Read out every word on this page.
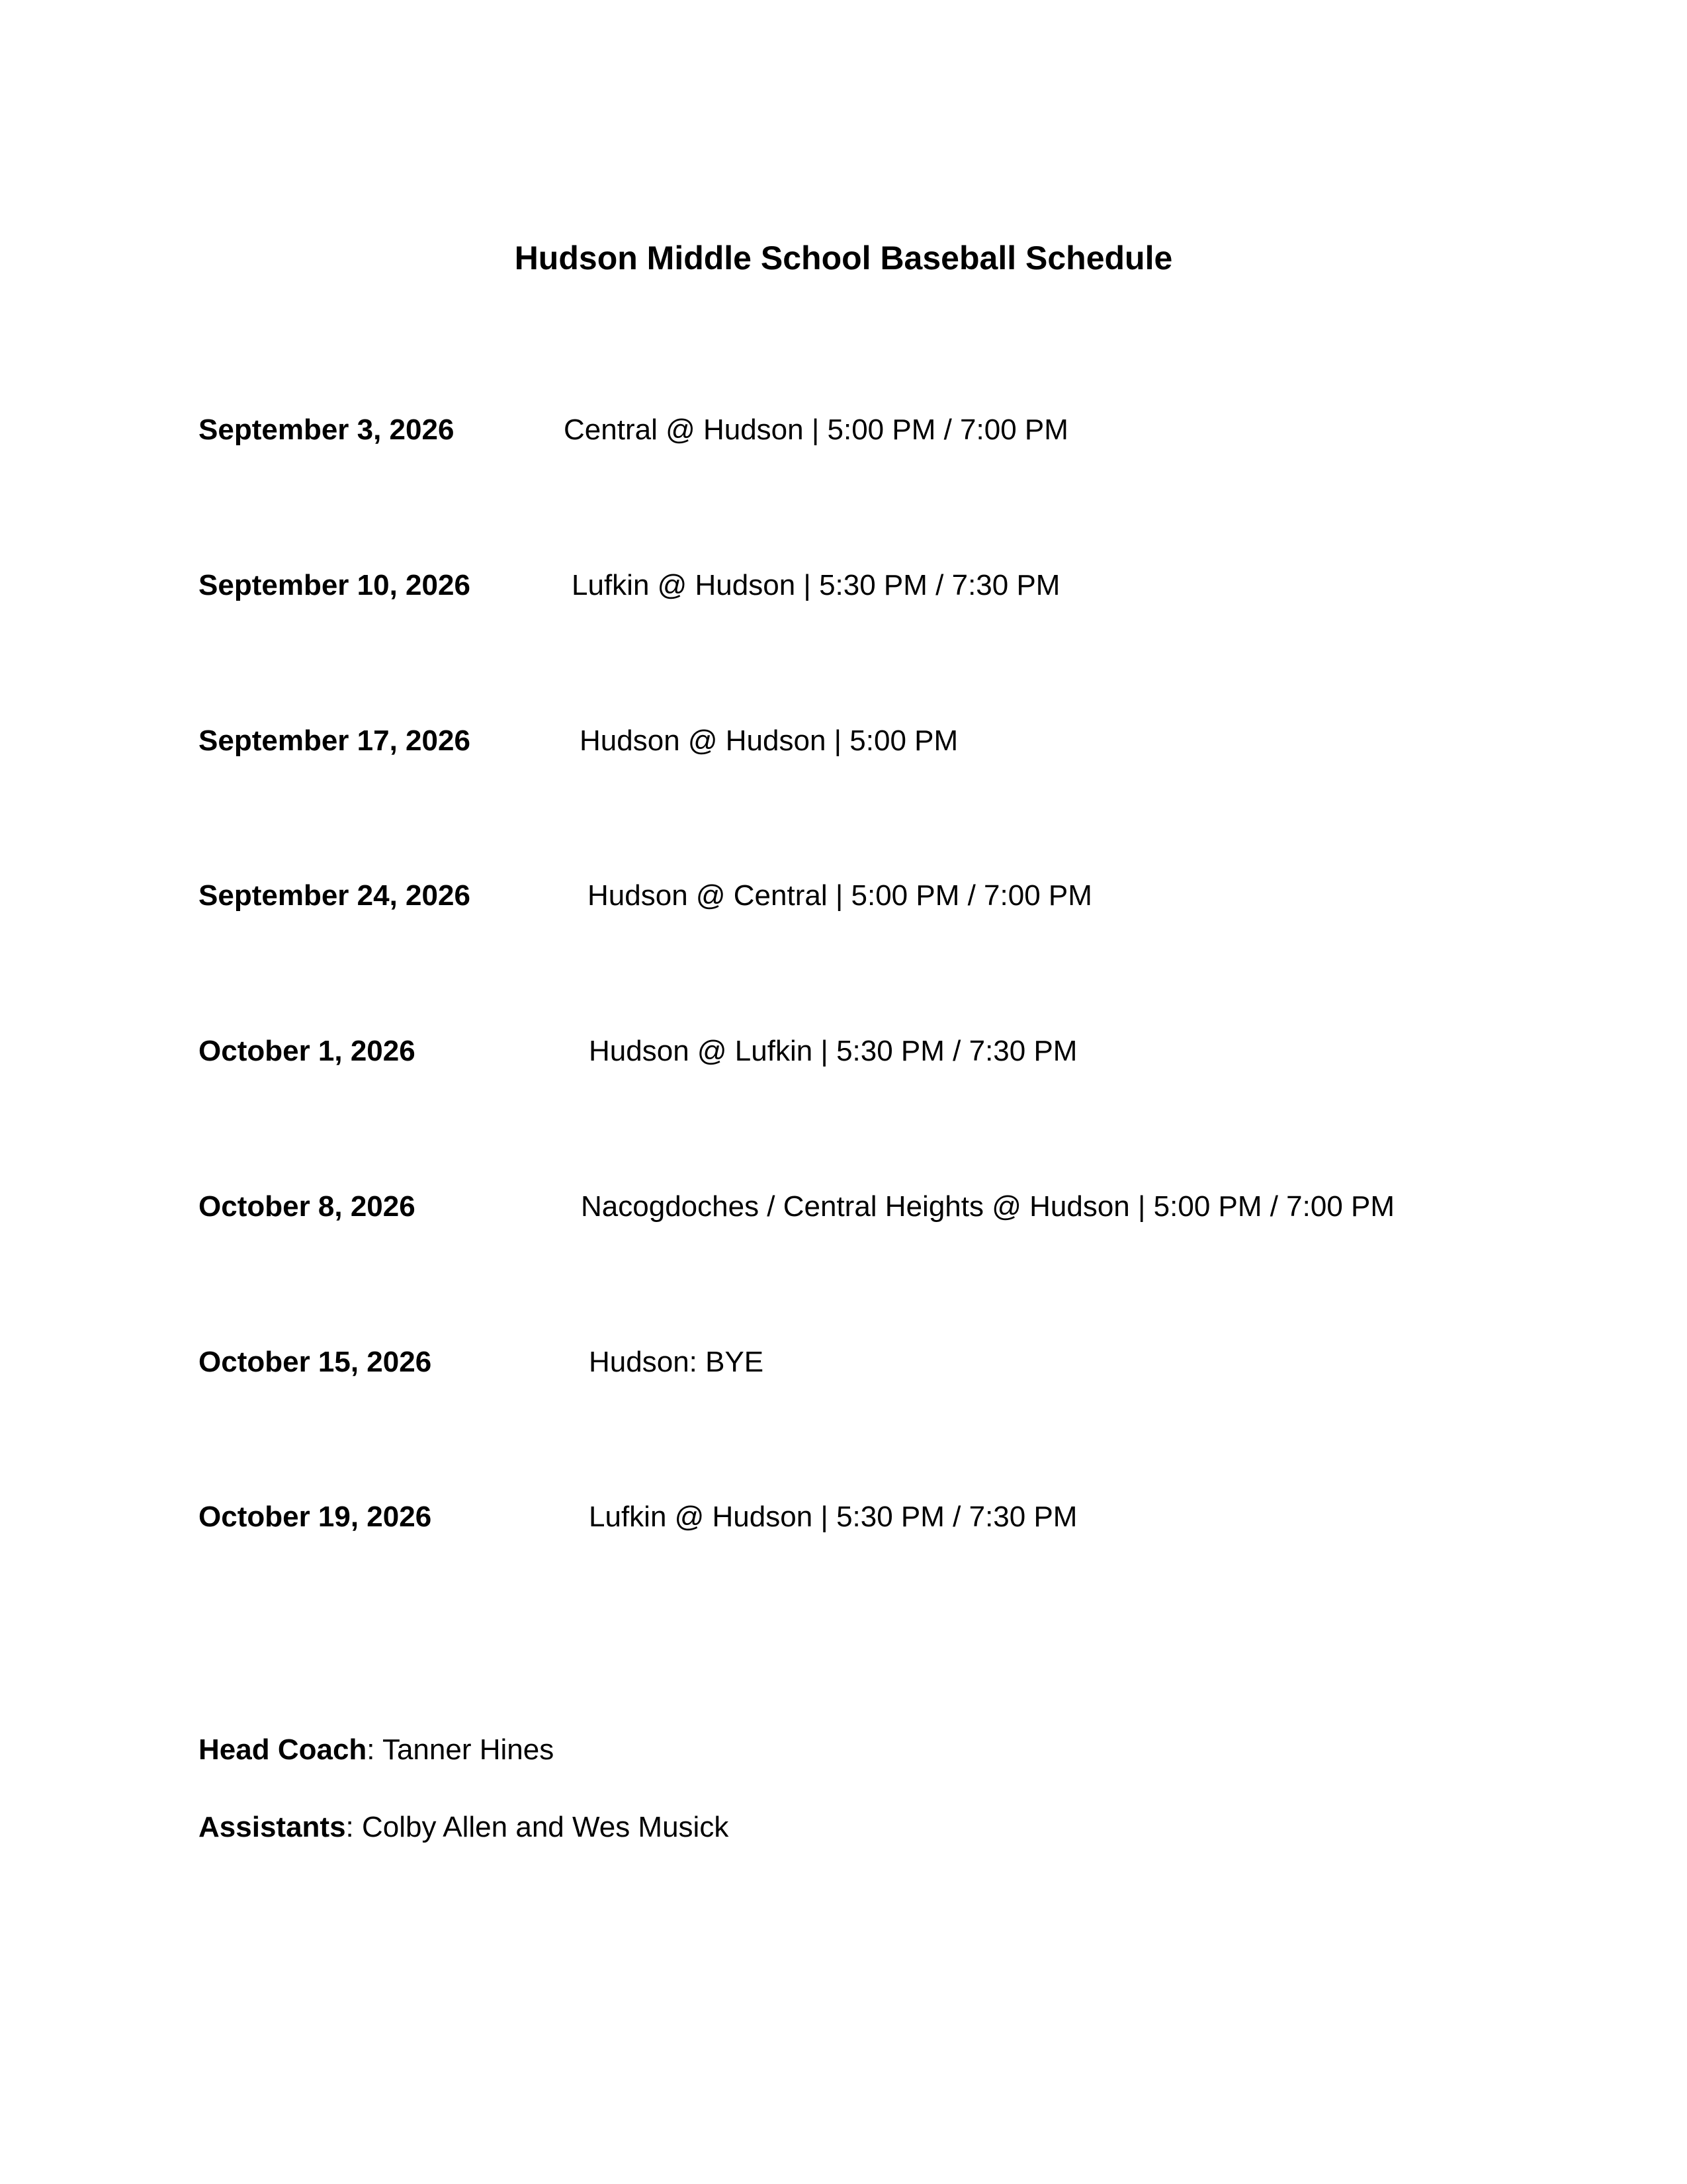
Hudson Middle School Baseball Schedule
September 3, 2026	Central @ Hudson | 5:00 PM / 7:00 PM
September 10, 2026	Lufkin @ Hudson | 5:30 PM / 7:30 PM
September 17, 2026	Hudson @ Hudson | 5:00 PM
September 24, 2026	Hudson @ Central | 5:00 PM / 7:00 PM
October 1, 2026	Hudson @ Lufkin | 5:30 PM / 7:30 PM
October 8, 2026	Nacogdoches / Central Heights @ Hudson | 5:00 PM / 7:00 PM
October 15, 2026	Hudson: BYE
October 19, 2026	Lufkin @ Hudson | 5:30 PM / 7:30 PM
Head Coach: Tanner Hines
Assistants: Colby Allen and Wes Musick
